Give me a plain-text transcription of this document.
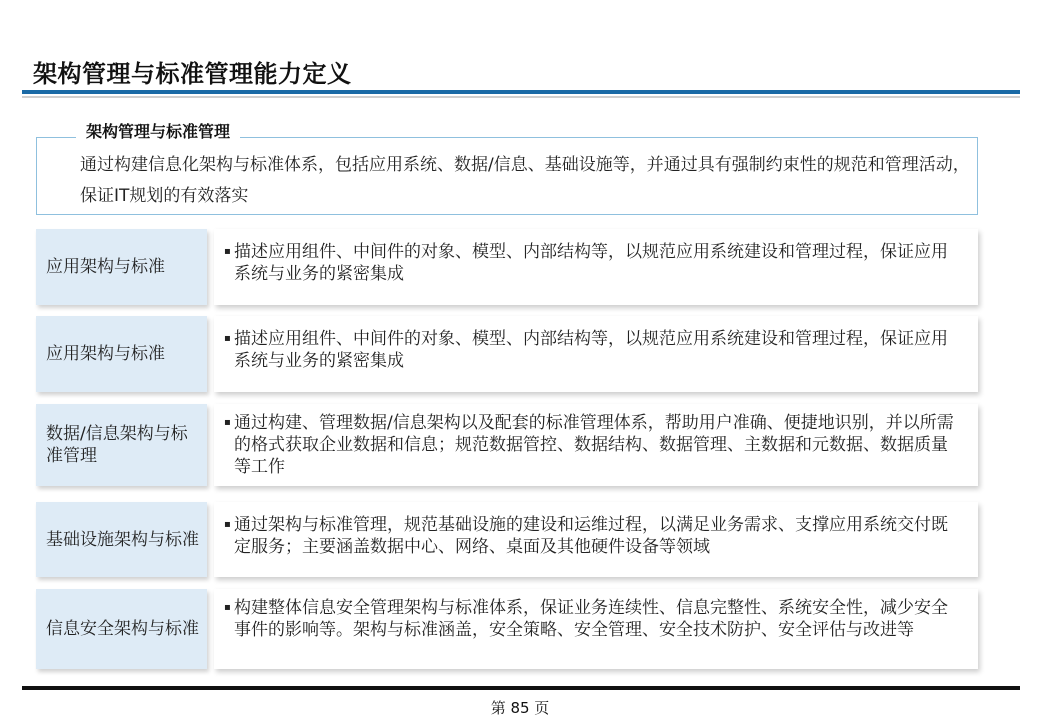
架构管理与标准管理能力定义
架构管理与标准管理
通过构建信息化架构与标准体系，包括应用系统、数据/信息、基础设施等，并通过具有强制约束性的规范和管理活动，保证IT规划的有效落实
应用架构与标准
▪ 描述应用组件、中间件的对象、模型、内部结构等，以规范应用系统建设和管理过程，保证应用系统与业务的紧密集成
应用架构与标准
▪ 描述应用组件、中间件的对象、模型、内部结构等，以规范应用系统建设和管理过程，保证应用系统与业务的紧密集成
数据/信息架构与标准管理
▪ 通过构建、管理数据/信息架构以及配套的标准管理体系，帮助用户准确、便捷地识别，并以所需的格式获取企业数据和信息；规范数据管控、数据结构、数据管理、主数据和元数据、数据质量等工作
基础设施架构与标准
▪ 通过架构与标准管理，规范基础设施的建设和运维过程，以满足业务需求、支撑应用系统交付既定服务；主要涵盖数据中心、网络、桌面及其他硬件设备等领域
信息安全架构与标准
▪ 构建整体信息安全管理架构与标准体系，保证业务连续性、信息完整性、系统安全性，减少安全事件的影响等。架构与标准涵盖，安全策略、安全管理、安全技术防护、安全评估与改进等
第 85 页
